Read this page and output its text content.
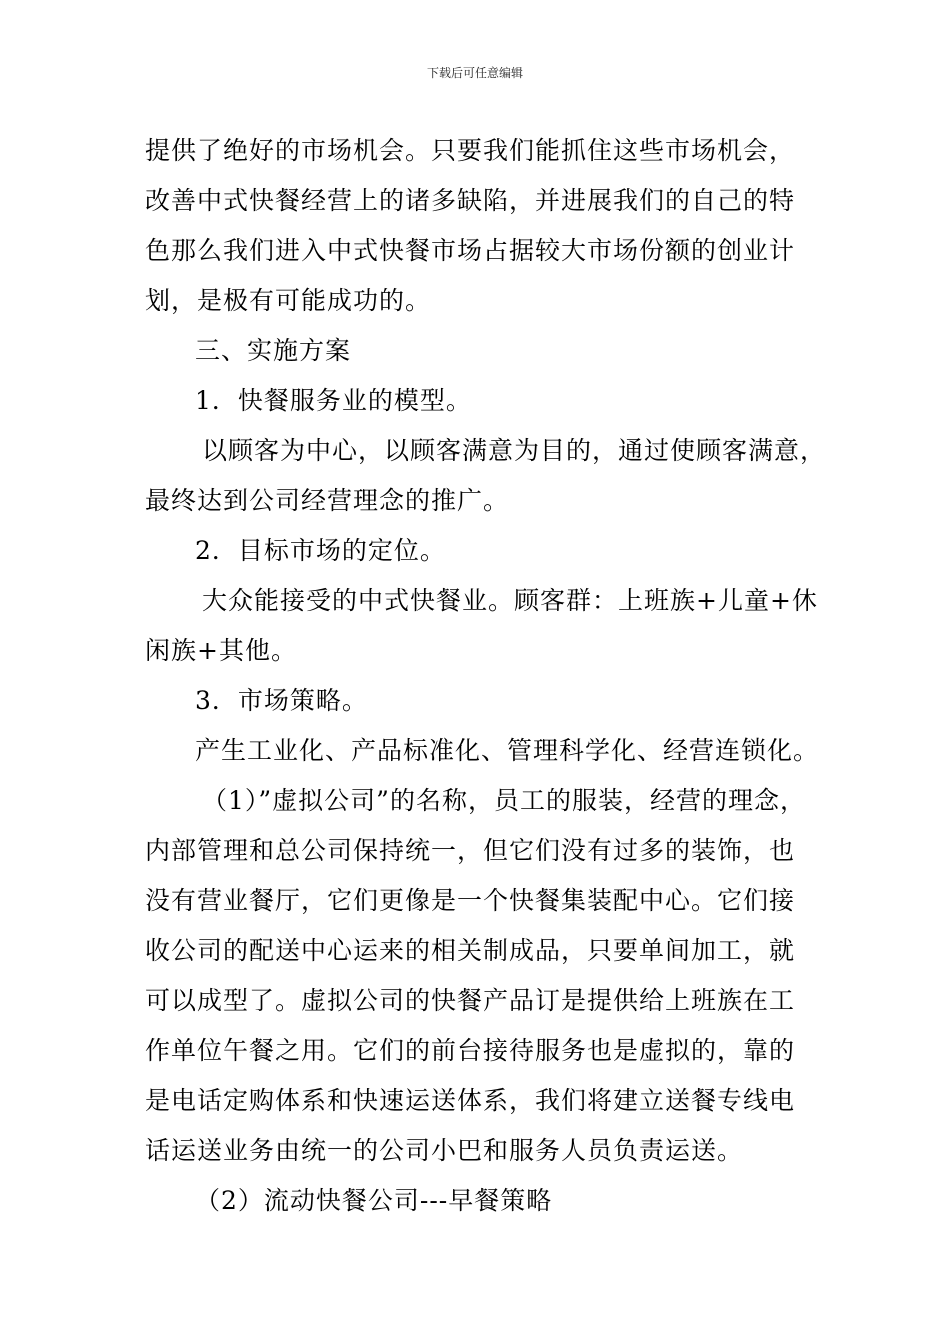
下载后可任意编辑
提供了绝好的市场机会。只要我们能抓住这些市场机会，
改善中式快餐经营上的诸多缺陷，并进展我们的自己的特
色那么我们进入中式快餐市场占据较大市场份额的创业计
划，是极有可能成功的。
三、实施方案
1．快餐服务业的模型。
以顾客为中心，以顾客满意为目的，通过使顾客满意，
最终达到公司经营理念的推广。
2．目标市场的定位。
大众能接受的中式快餐业。顾客群：上班族+儿童+休
闲族+其他。
3．市场策略。
产生工业化、产品标准化、管理科学化、经营连锁化。
（1）”虚拟公司”的名称，员工的服装，经营的理念，
内部管理和总公司保持统一，但它们没有过多的装饰，也
没有营业餐厅，它们更像是一个快餐集装配中心。它们接
收公司的配送中心运来的相关制成品，只要单间加工，就
可以成型了。虚拟公司的快餐产品订是提供给上班族在工
作单位午餐之用。它们的前台接待服务也是虚拟的，靠的
是电话定购体系和快速运送体系，我们将建立送餐专线电
话运送业务由统一的公司小巴和服务人员负责运送。
（2）流动快餐公司---早餐策略
